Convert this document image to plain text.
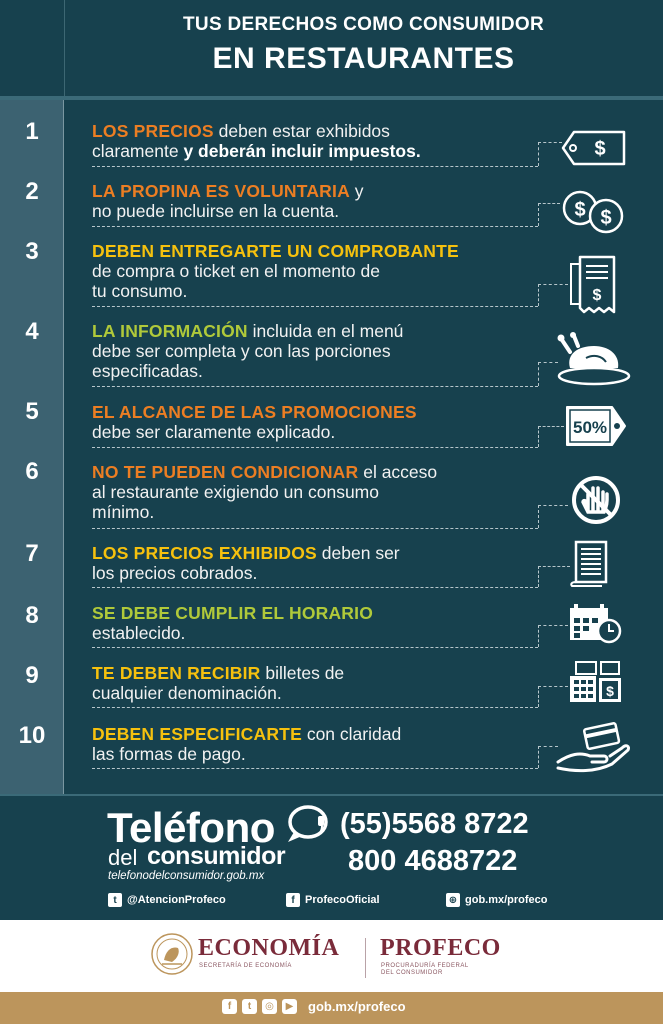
TUS DERECHOS COMO CONSUMIDOR
EN RESTAURANTES
1	LOS PRECIOS deben estar exhibidos
claramente y deberán incluir impuestos.	$
2	LA PROPINA ES VOLUNTARIA y
no puede incluirse en la cuenta.	$ $
3	DEBEN ENTREGARTE UN COMPROBANTE
de compra o ticket en el momento de
tu consumo.	$
4	LA INFORMACIÓN incluida en el menú
debe ser completa y con las porciones
especificadas.
5	EL ALCANCE DE LAS PROMOCIONES
debe ser claramente explicado.	50%
6	NO TE PUEDEN CONDICIONAR el acceso
al restaurante exigiendo un consumo
mínimo.
7	LOS PRECIOS EXHIBIDOS deben ser
los precios cobrados.
8	SE DEBE CUMPLIR EL HORARIO
establecido.
9	TE DEBEN RECIBIR billetes de
cualquier denominación.	$
10	DEBEN ESPECIFICARTE con claridad
las formas de pago.
Teléfono
del consumidor
telefonodelconsumidor.gob.mx
(55)5568 8722
800 4688722
t @AtencionProfeco	f ProfecoOficial	⊕ gob.mx/profeco
ECONOMÍA
SECRETARÍA DE ECONOMÍA
PROFECO
PROCURADURÍA FEDERAL
DEL CONSUMIDOR
f	t	◎	▶ gob.mx/profeco
